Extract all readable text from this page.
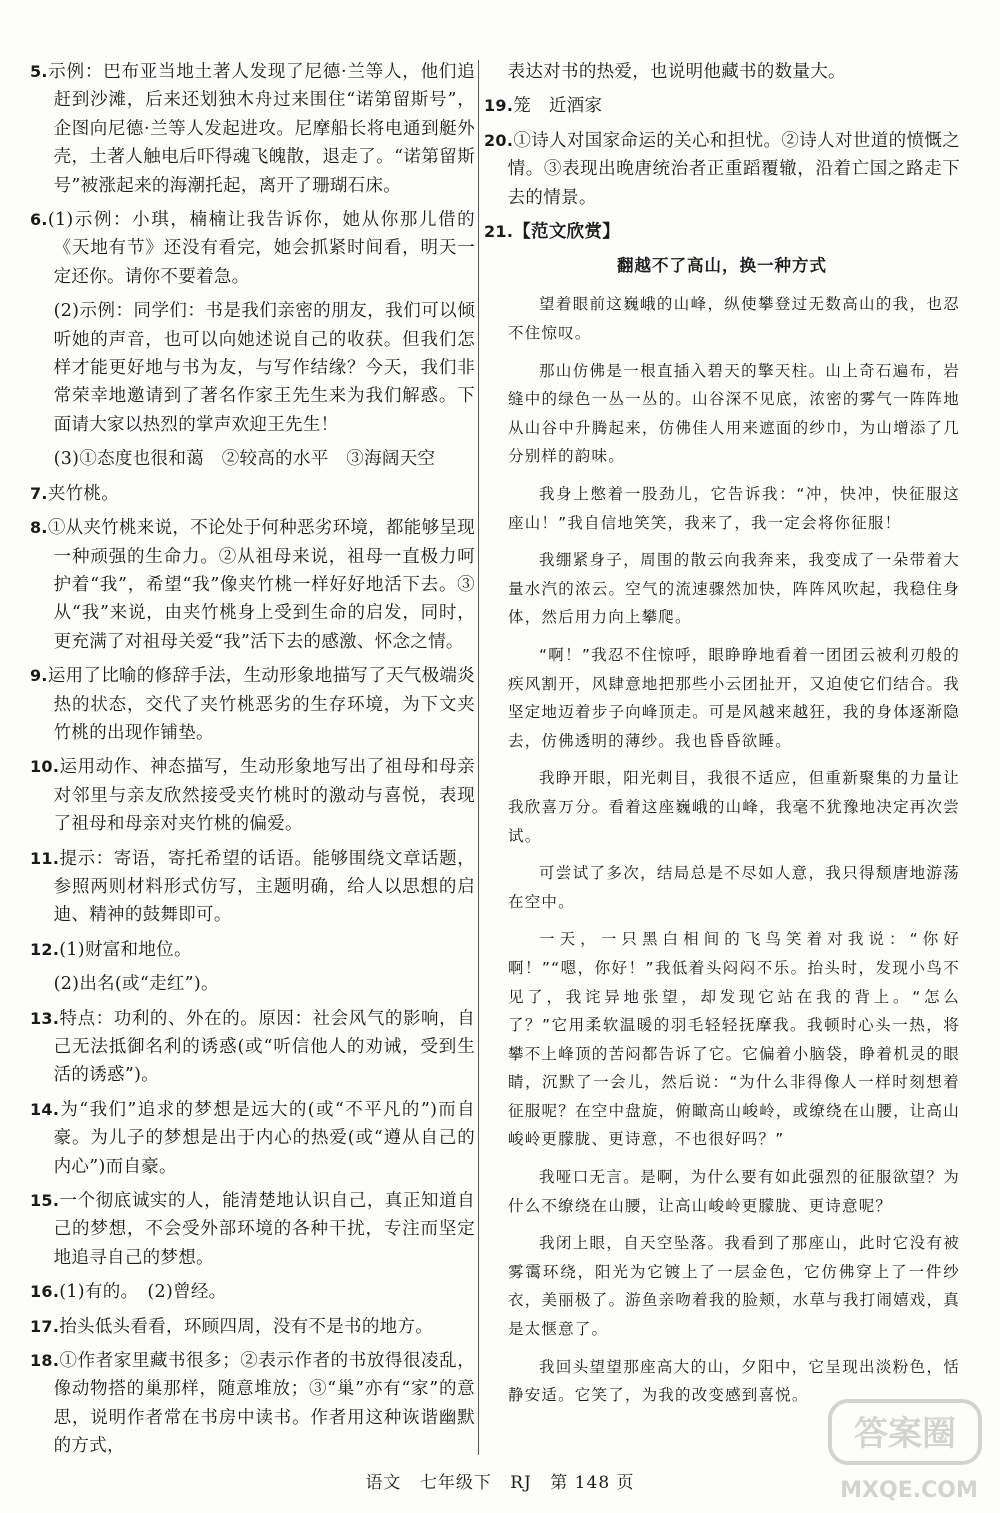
5.示例：巴布亚当地土著人发现了尼德·兰等人，他们追赶到沙滩，后来还划独木舟过来围住“诺第留斯号”，企图向尼德·兰等人发起进攻。尼摩船长将电通到艇外壳，土著人触电后吓得魂飞魄散，退走了。“诺第留斯号”被涨起来的海潮托起，离开了珊瑚石床。

6.(1)示例：小琪，楠楠让我告诉你，她从你那儿借的《天地有节》还没有看完，她会抓紧时间看，明天一定还你。请你不要着急。

(2)示例：同学们：书是我们亲密的朋友，我们可以倾听她的声音，也可以向她述说自己的收获。但我们怎样才能更好地与书为友，与写作结缘？今天，我们非常荣幸地邀请到了著名作家王先生来为我们解惑。下面请大家以热烈的掌声欢迎王先生！

(3)①态度也很和蔼　②较高的水平　③海阔天空

7.夹竹桃。

8.①从夹竹桃来说，不论处于何种恶劣环境，都能够呈现一种顽强的生命力。②从祖母来说，祖母一直极力呵护着“我”，希望“我”像夹竹桃一样好好地活下去。③从“我”来说，由夹竹桃身上受到生命的启发，同时，更充满了对祖母关爱“我”活下去的感激、怀念之情。

9.运用了比喻的修辞手法，生动形象地描写了天气极端炎热的状态，交代了夹竹桃恶劣的生存环境，为下文夹竹桃的出现作铺垫。

10.运用动作、神态描写，生动形象地写出了祖母和母亲对邻里与亲友欣然接受夹竹桃时的激动与喜悦，表现了祖母和母亲对夹竹桃的偏爱。

11.提示：寄语，寄托希望的话语。能够围绕文章话题，参照两则材料形式仿写，主题明确，给人以思想的启迪、精神的鼓舞即可。

12.(1)财富和地位。

(2)出名(或“走红”)。

13.特点：功利的、外在的。原因：社会风气的影响，自己无法抵御名利的诱惑(或“听信他人的劝诫，受到生活的诱惑”)。

14.为“我们”追求的梦想是远大的(或“不平凡的”)而自豪。为儿子的梦想是出于内心的热爱(或“遵从自己的内心”)而自豪。

15.一个彻底诚实的人，能清楚地认识自己，真正知道自己的梦想，不会受外部环境的各种干扰，专注而坚定地追寻自己的梦想。

16.(1)有的。　(2)曾经。

17.抬头低头看看，环顾四周，没有不是书的地方。

18.①作者家里藏书很多；②表示作者的书放得很凌乱，像动物搭的巢那样，随意堆放；③“巢”亦有“家”的意思，说明作者常在书房中读书。作者用这种诙谐幽默的方式，

表达对书的热爱，也说明他藏书的数量大。

19.笼　近酒家

20.①诗人对国家命运的关心和担忧。②诗人对世道的愤慨之情。③表现出晚唐统治者正重蹈覆辙，沿着亡国之路走下去的情景。

21.【范文欣赏】

翻越不了高山，换一种方式

望着眼前这巍峨的山峰，纵使攀登过无数高山的我，也忍不住惊叹。

那山仿佛是一根直插入碧天的擎天柱。山上奇石遍布，岩缝中的绿色一丛一丛的。山谷深不见底，浓密的雾气一阵阵地从山谷中升腾起来，仿佛佳人用来遮面的纱巾，为山增添了几分别样的韵味。

我身上憋着一股劲儿，它告诉我：“冲，快冲，快征服这座山！”我自信地笑笑，我来了，我一定会将你征服！

我绷紧身子，周围的散云向我奔来，我变成了一朵带着大量水汽的浓云。空气的流速骤然加快，阵阵风吹起，我稳住身体，然后用力向上攀爬。

“啊！”我忍不住惊呼，眼睁睁地看着一团团云被利刃般的疾风割开，风肆意地把那些小云团扯开，又迫使它们结合。我坚定地迈着步子向峰顶走。可是风越来越狂，我的身体逐渐隐去，仿佛透明的薄纱。我也昏昏欲睡。

我睁开眼，阳光刺目，我很不适应，但重新聚集的力量让我欣喜万分。看着这座巍峨的山峰，我毫不犹豫地决定再次尝试。

可尝试了多次，结局总是不尽如人意，我只得颓唐地游荡在空中。

一天，一只黑白相间的飞鸟笑着对我说：“你好啊！”“嗯，你好！”我低着头闷闷不乐。抬头时，发现小鸟不见了，我诧异地张望，却发现它站在我的背上。“怎么了？”它用柔软温暖的羽毛轻轻抚摩我。我顿时心头一热，将攀不上峰顶的苦闷都告诉了它。它偏着小脑袋，睁着机灵的眼睛，沉默了一会儿，然后说：“为什么非得像人一样时刻想着征服呢？在空中盘旋，俯瞰高山峻岭，或缭绕在山腰，让高山峻岭更朦胧、更诗意，不也很好吗？”

我哑口无言。是啊，为什么要有如此强烈的征服欲望？为什么不缭绕在山腰，让高山峻岭更朦胧、更诗意呢？

我闭上眼，自天空坠落。我看到了那座山，此时它没有被雾霭环绕，阳光为它镀上了一层金色，它仿佛穿上了一件纱衣，美丽极了。游鱼亲吻着我的脸颊，水草与我打闹嬉戏，真是太惬意了。

我回头望望那座高大的山，夕阳中，它呈现出淡粉色，恬静安适。它笑了，为我的改变感到喜悦。

语文 七年级下 RJ 第 148 页
答案圈
MXQE.COM
